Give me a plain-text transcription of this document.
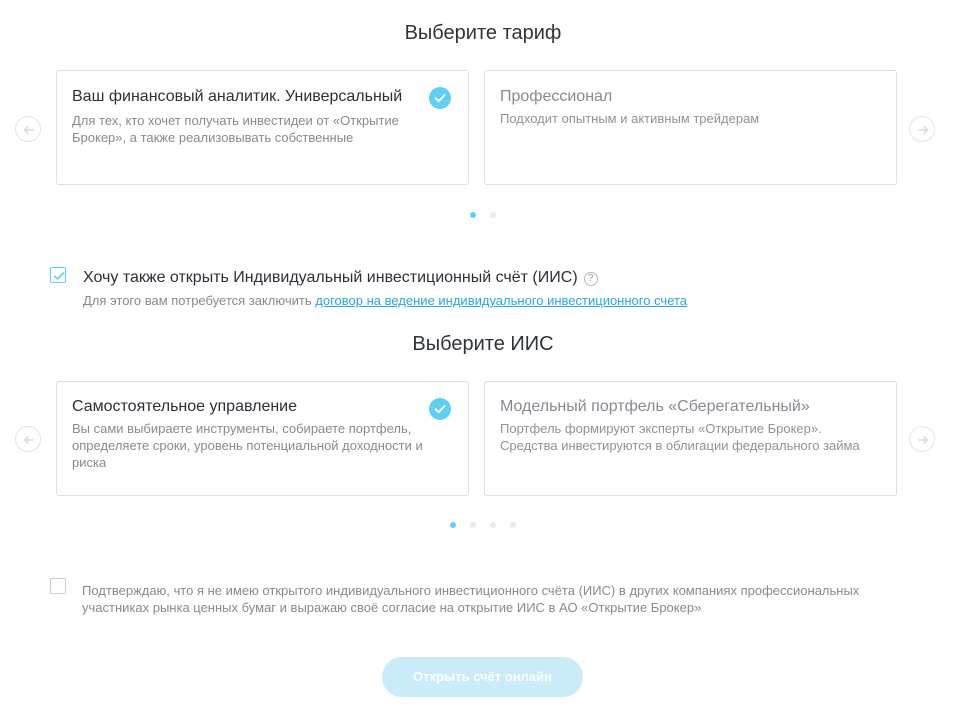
Выберите тариф
Ваш финансовый аналитик. Универсальный
Для тех, кто хочет получать инвестидеи от «Открытие Брокер», а также реализовывать собственные
Профессионал
Подходит опытным и активным трейдерам
Хочу также открыть Индивидуальный инвестиционный счёт (ИИС) ?
Для этого вам потребуется заключить договор на ведение индивидуального инвестиционного счета
Выберите ИИС
Самостоятельное управление
Вы сами выбираете инструменты, собираете портфель, определяете сроки, уровень потенциальной доходности и риска
Модельный портфель «Сберегательный»
Портфель формируют эксперты «Открытие Брокер». Средства инвестируются в облигации федерального займа
Подтверждаю, что я не имею открытого индивидуального инвестиционного счёта (ИИС) в других компаниях профессиональных участниках рынка ценных бумаг и выражаю своё согласие на открытие ИИС в АО «Открытие Брокер»
Открыть счёт онлайн
